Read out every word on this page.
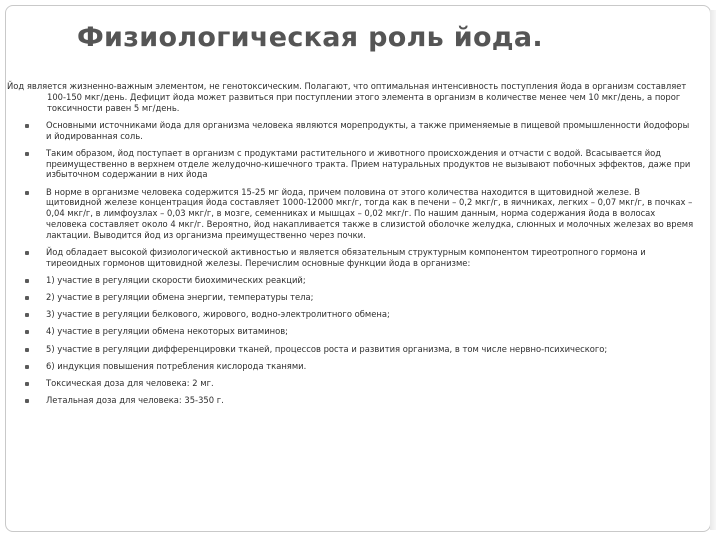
Физиологическая роль йода.
Йод является жизненно-важным элементом, не генотоксическим. Полагают, что оптимальная интенсивность поступления йода в организм составляет 100-150 мкг/день. Дефицит йода может развиться при поступлении этого элемента в организм в количестве менее чем 10 мкг/день, а порог токсичности равен 5 мг/день.
Основными источниками йода для организма человека являются морепродукты, а также применяемые в пищевой промышленности йодофоры и йодированная соль.
Таким образом, йод поступает в организм с продуктами растительного и животного происхождения и отчасти с водой. Всасывается йод преимущественно в верхнем отделе желудочно-кишечного тракта. Прием натуральных продуктов не вызывают побочных эффектов, даже при избыточном содержании в них йода
В норме в организме человека содержится 15-25 мг йода, причем половина от этого количества находится в щитовидной железе. В щитовидной железе концентрация йода составляет 1000-12000 мкг/г, тогда как в печени – 0,2 мкг/г, в яичниках, легких – 0,07 мкг/г, в почках – 0,04 мкг/г, в лимфоузлах – 0,03 мкг/г, в мозге, семенниках и мышцах – 0,02 мкг/г. По нашим данным, норма содержания йода в волосах человека составляет около 4 мкг/г. Вероятно, йод накапливается также в слизистой оболочке желудка, слюнных и молочных железах во время лактации. Выводится йод из организма преимущественно через почки.
Йод обладает высокой физиологической активностью и является обязательным структурным компонентом тиреотропного гормона и тиреоидных гормонов щитовидной железы. Перечислим основные функции йода в организме:
1) участие в регуляции скорости биохимических реакций;
2) участие в регуляции обмена энергии, температуры тела;
3) участие в регуляции белкового, жирового, водно-электролитного обмена;
4) участие в регуляции обмена некоторых витаминов;
5) участие в регуляции дифференцировки тканей, процессов роста и развития организма, в том числе нервно-психического;
6) индукция повышения потребления кислорода тканями.
Токсическая доза для человека: 2 мг.
Летальная доза для человека: 35-350 г.
